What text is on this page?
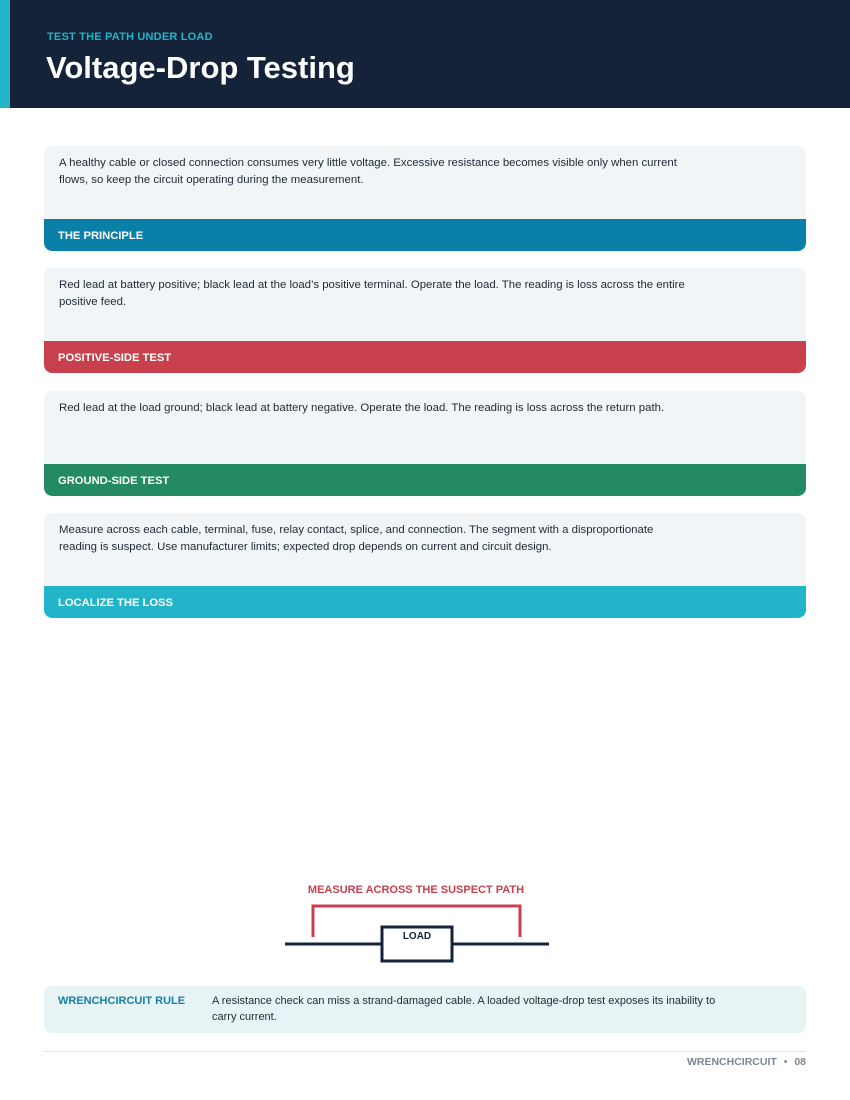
TEST THE PATH UNDER LOAD
Voltage-Drop Testing
A healthy cable or closed connection consumes very little voltage. Excessive resistance becomes visible only when current flows, so keep the circuit operating during the measurement.
THE PRINCIPLE
Red lead at battery positive; black lead at the load’s positive terminal. Operate the load. The reading is loss across the entire positive feed.
POSITIVE-SIDE TEST
Red lead at the load ground; black lead at battery negative. Operate the load. The reading is loss across the return path.
GROUND-SIDE TEST
Measure across each cable, terminal, fuse, relay contact, splice, and connection. The segment with a disproportionate reading is suspect. Use manufacturer limits; expected drop depends on current and circuit design.
LOCALIZE THE LOSS
MEASURE ACROSS THE SUSPECT PATH
LOAD
WRENCHCIRCUIT RULE A resistance check can miss a strand-damaged cable. A loaded voltage-drop test exposes its inability to carry current.
WRENCHCIRCUIT • 08
